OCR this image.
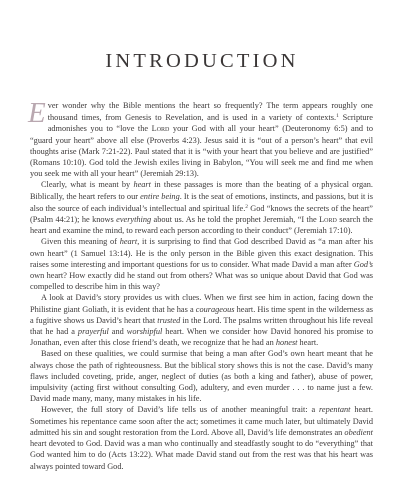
INTRODUCTION

Ever wonder why the Bible mentions the heart so frequently? The term appears roughly one thousand times, from Genesis to Revelation, and is used in a variety of contexts.$^1$ Scripture admonishes you to “love the Lord your God with all your heart” (Deuteronomy 6:5) and to “guard your heart” above all else (Proverbs 4:23). Jesus said it is “out of a person’s heart” that evil thoughts arise (Mark 7:21-22). Paul stated that it is “with your heart that you believe and are justified” (Romans 10:10). God told the Jewish exiles living in Babylon, “You will seek me and find me when you seek me with all your heart” (Jeremiah 29:13).

Clearly, what is meant by heart in these passages is more than the beating of a physical organ. Biblically, the heart refers to our entire being. It is the seat of emotions, instincts, and passions, but it is also the source of each individual’s intellectual and spiritual life.$^2$ God “knows the secrets of the heart” (Psalm 44:21); he knows everything about us. As he told the prophet Jeremiah, “I the Lord search the heart and examine the mind, to reward each person according to their conduct” (Jeremiah 17:10).

Given this meaning of heart, it is surprising to find that God described David as “a man after his own heart” (1 Samuel 13:14). He is the only person in the Bible given this exact designation. This raises some interesting and important questions for us to consider. What made David a man after God’s own heart? How exactly did he stand out from others? What was so unique about David that God was compelled to describe him in this way?

A look at David’s story provides us with clues. When we first see him in action, facing down the Philistine giant Goliath, it is evident that he has a courageous heart. His time spent in the wilderness as a fugitive shows us David’s heart that trusted in the Lord. The psalms written throughout his life reveal that he had a prayerful and worshipful heart. When we consider how David honored his promise to Jonathan, even after this close friend’s death, we recognize that he had an honest heart.

Based on these qualities, we could surmise that being a man after God’s own heart meant that he always chose the path of righteousness. But the biblical story shows this is not the case. David’s many flaws included coveting, pride, anger, neglect of duties (as both a king and father), abuse of power, impulsivity (acting first without consulting God), adultery, and even murder . . . to name just a few. David made many, many, many mistakes in his life.

However, the full story of David’s life tells us of another meaningful trait: a repentant heart. Sometimes his repentance came soon after the act; sometimes it came much later, but ultimately David admitted his sin and sought restoration from the Lord. Above all, David’s life demonstrates an obedient heart devoted to God. David was a man who continually and steadfastly sought to do “everything” that God wanted him to do (Acts 13:22). What made David stand out from the rest was that his heart was always pointed toward God.
